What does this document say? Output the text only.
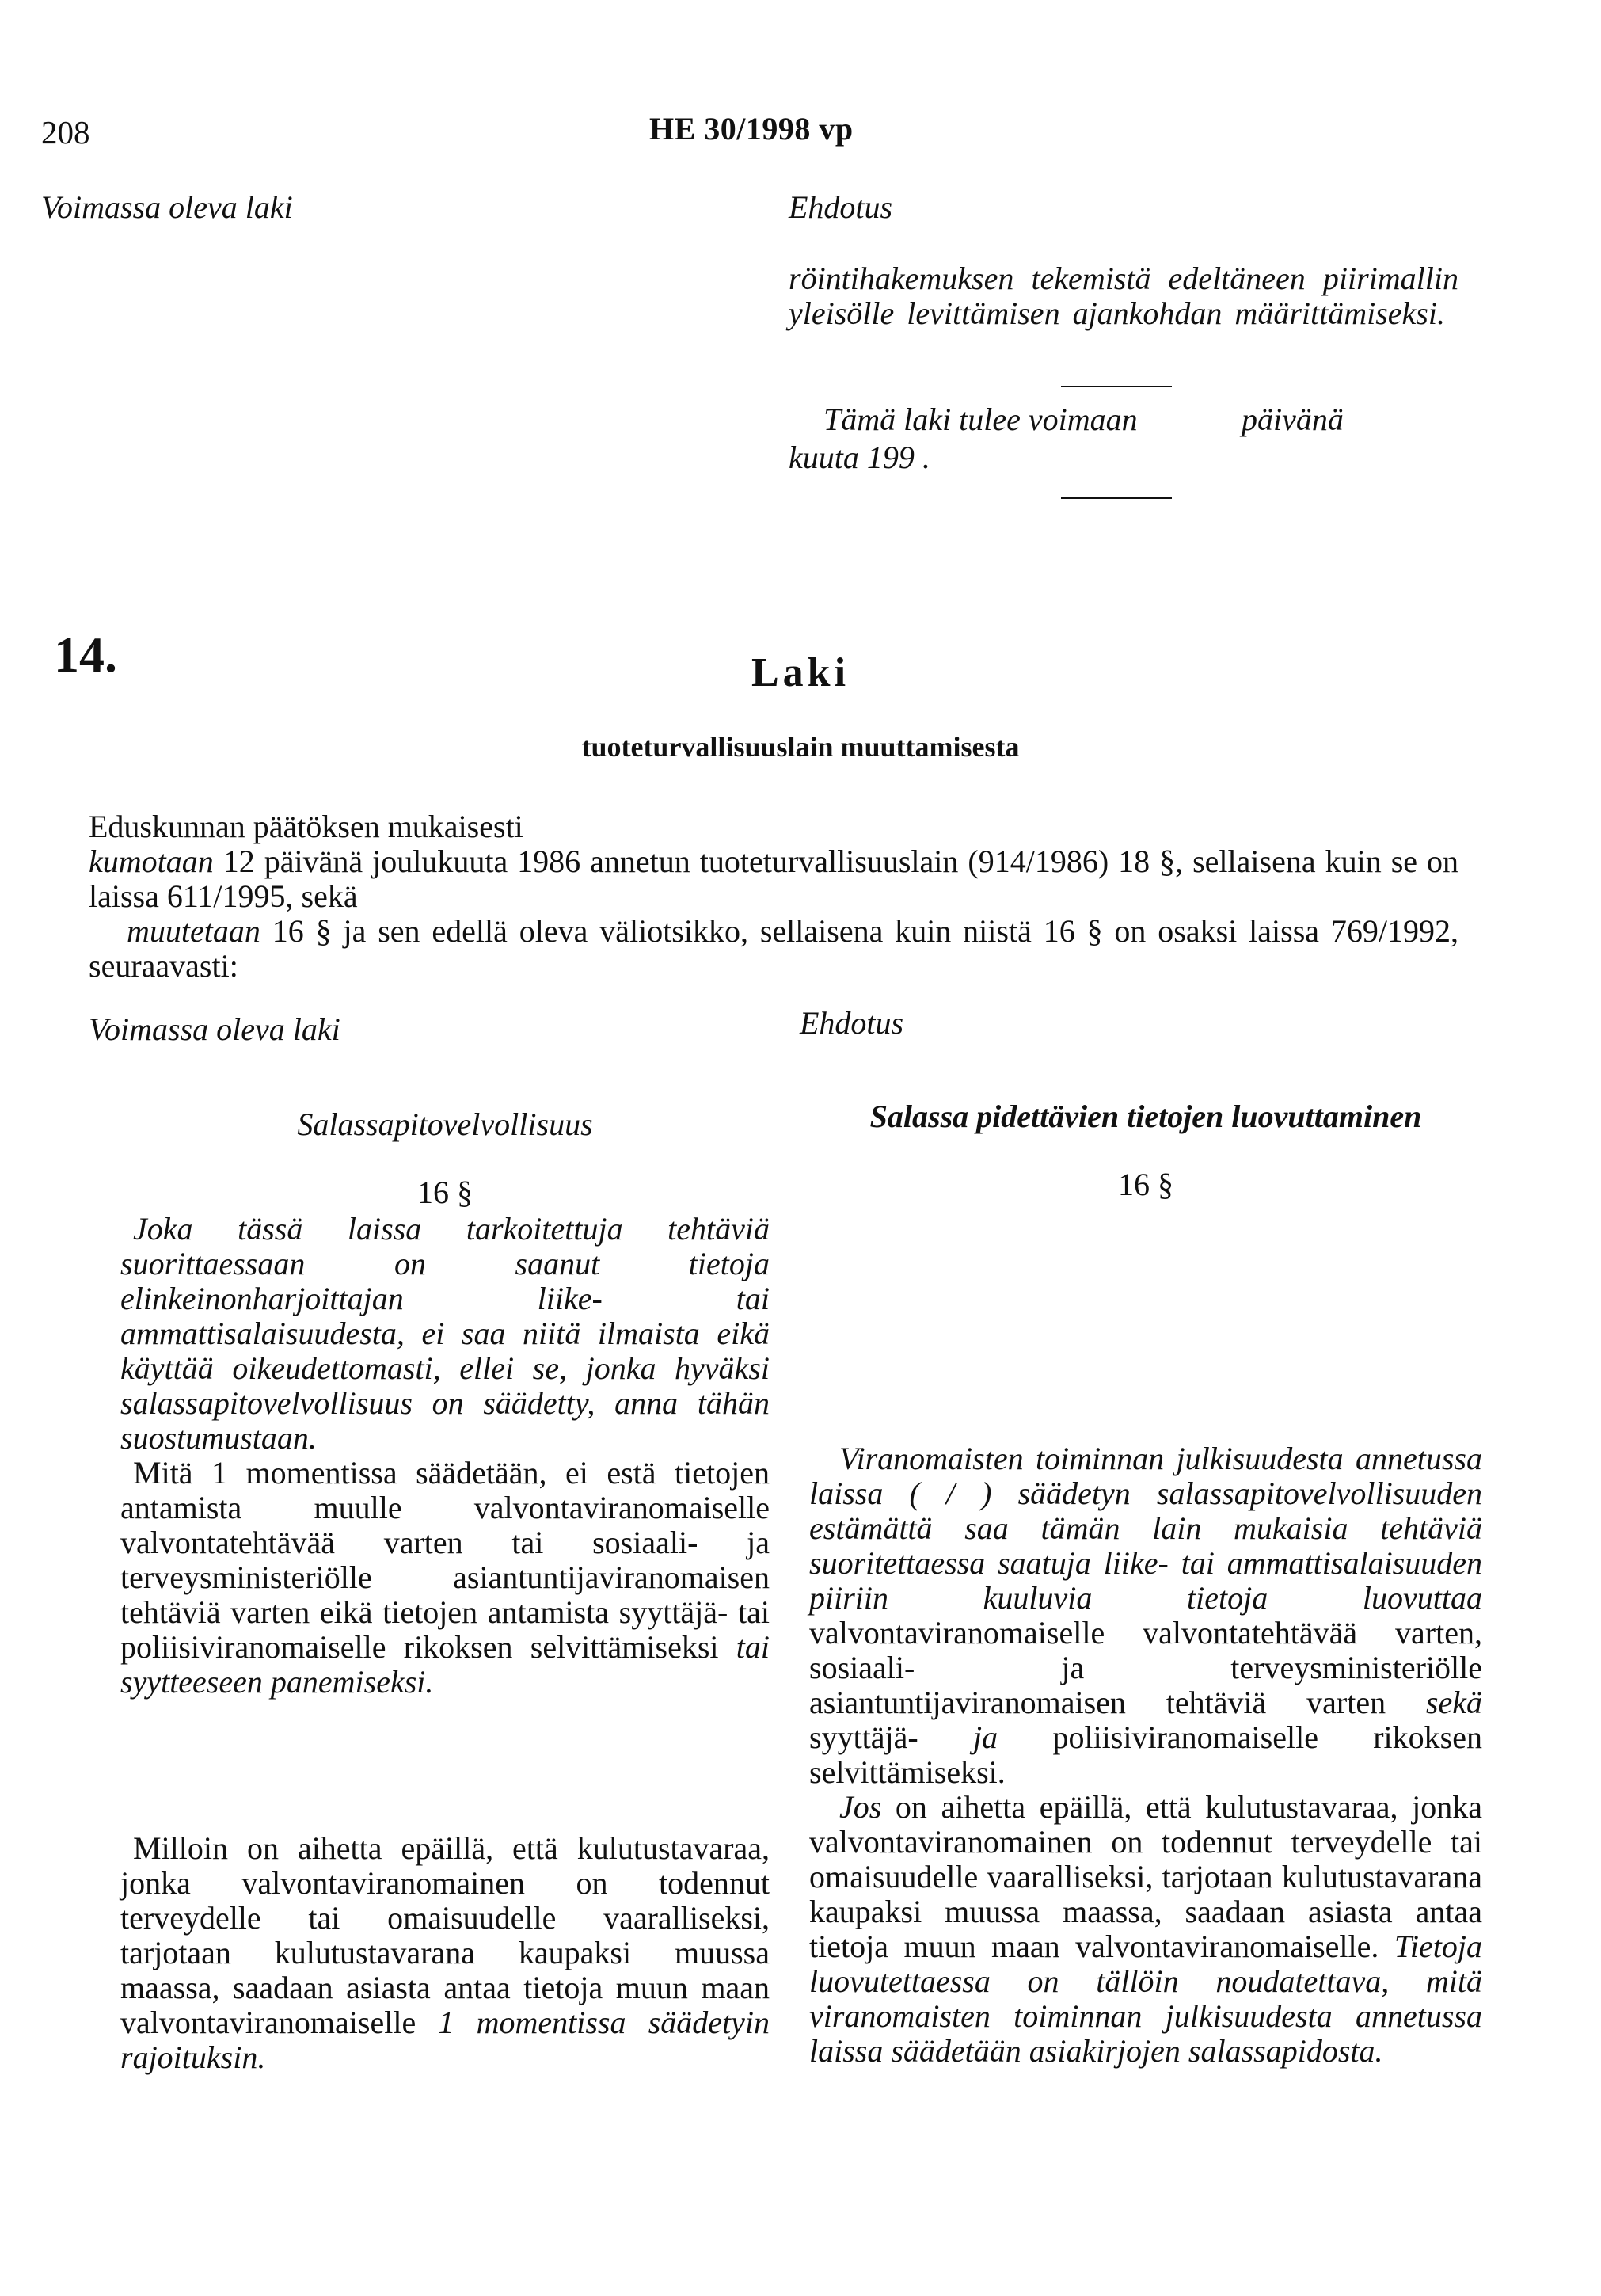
208	HE 30/1998 vp
Voimassa oleva laki	Ehdotus
röintihakemuksen tekemistä edeltäneen piirimallin yleisölle levittämisen ajankohdan määrittämiseksi.
Tämä laki tulee voimaan	päivänä
kuuta 199 .
14.	Laki
tuoteturvallisuuslain muuttamisesta

Eduskunnan päätöksen mukaisesti

kumotaan 12 päivänä joulukuuta 1986 annetun tuoteturvallisuuslain (914/1986) 18 §, sellaisena kuin se on laissa 611/1995, sekä

muutetaan 16 § ja sen edellä oleva väliotsikko, sellaisena kuin niistä 16 § on osaksi laissa 769/1992, seuraavasti:

Voimassa oleva laki	Ehdotus
Salassapitovelvollisuus
16 §

Joka tässä laissa tarkoitettuja tehtäviä suorittaessaan on saanut tietoja elinkeinonharjoittajan liike- tai ammattisalaisuudesta, ei saa niitä ilmaista eikä käyttää oikeudettomasti, ellei se, jonka hyväksi salassapitovelvollisuus on säädetty, anna tähän suostumustaan.

Mitä 1 momentissa säädetään, ei estä tietojen antamista muulle valvontaviranomaiselle valvontatehtävää varten tai sosiaali- ja terveysministeriölle asiantuntijaviranomaisen tehtäviä varten eikä tietojen antamista syyttäjä- tai poliisiviranomaiselle rikoksen selvittämiseksi tai syytteeseen panemiseksi.

Milloin on aihetta epäillä, että kulutustavaraa, jonka valvontaviranomainen on todennut terveydelle tai omaisuudelle vaaralliseksi, tarjotaan kulutustavarana kaupaksi muussa maassa, saadaan asiasta antaa tietoja muun maan valvontaviranomaiselle 1 momentissa säädetyin rajoituksin.

Salassa pidettävien tietojen luovuttaminen
16 §

Viranomaisten toiminnan julkisuudesta annetussa laissa ( / ) säädetyn salassapitovelvollisuuden estämättä saa tämän lain mukaisia tehtäviä suoritettaessa saatuja liike- tai ammattisalaisuuden piiriin kuuluvia tietoja luovuttaa valvontaviranomaiselle valvontatehtävää varten, sosiaali- ja terveysministeriölle asiantuntijaviranomaisen tehtäviä varten sekä syyttäjä- ja poliisiviranomaiselle rikoksen selvittämiseksi.

Jos on aihetta epäillä, että kulutustavaraa, jonka valvontaviranomainen on todennut terveydelle tai omaisuudelle vaaralliseksi, tarjotaan kulutustavarana kaupaksi muussa maassa, saadaan asiasta antaa tietoja muun maan valvontaviranomaiselle. Tietoja luovutettaessa on tällöin noudatettava, mitä viranomaisten toiminnan julkisuudesta annetussa laissa säädetään asiakirjojen salassapidosta.
